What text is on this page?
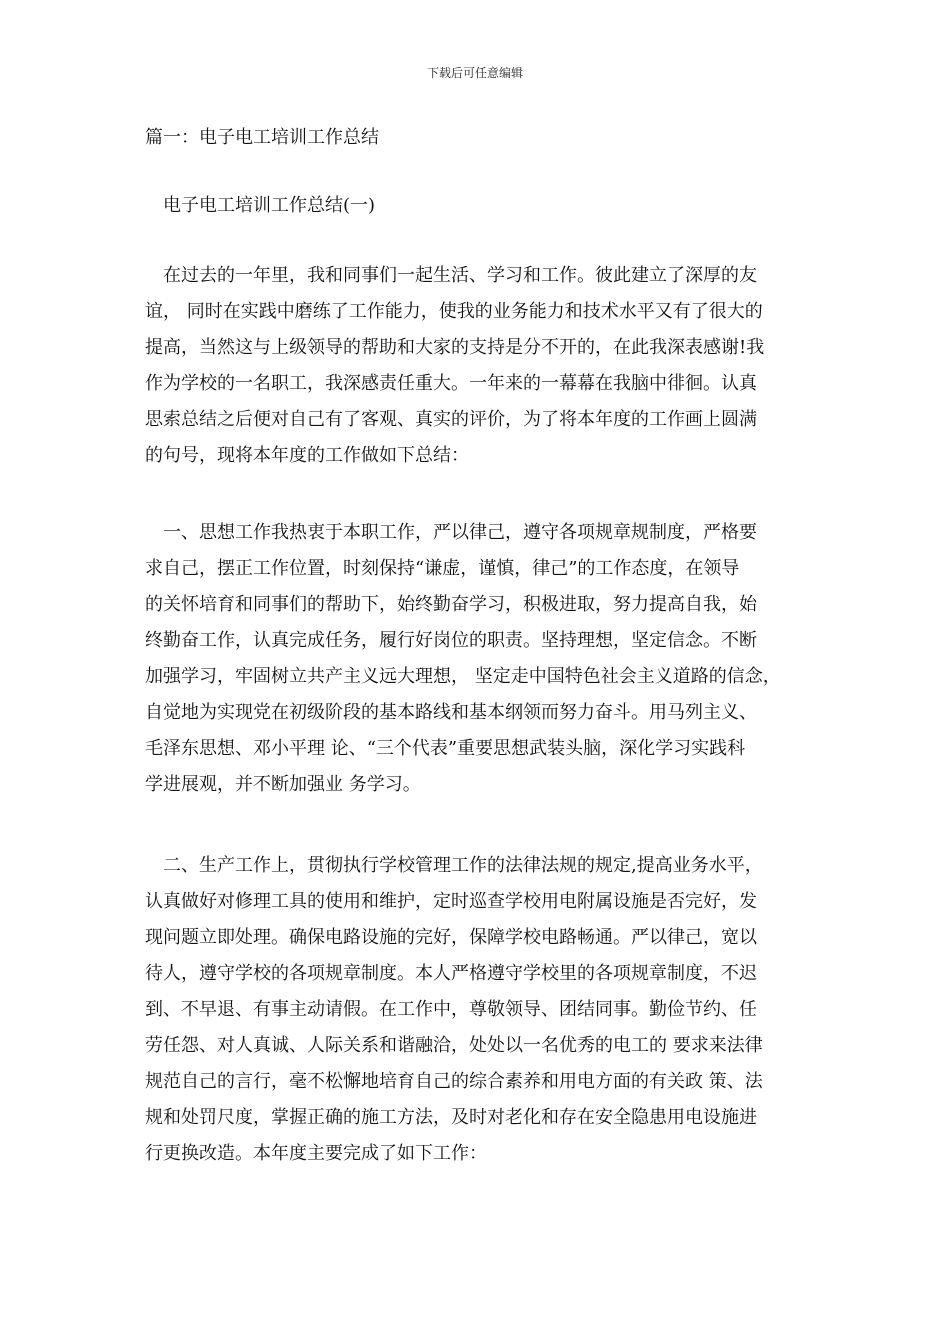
下载后可任意编辑
篇一：电子电工培训工作总结
电子电工培训工作总结(一)
在过去的一年里，我和同事们一起生活、学习和工作。彼此建立了深厚的友
谊， 同时在实践中磨练了工作能力，使我的业务能力和技术水平又有了很大的
提高，当然这与上级领导的帮助和大家的支持是分不开的，在此我深表感谢!我
作为学校的一名职工，我深感责任重大。一年来的一幕幕在我脑中徘徊。认真
思索总结之后便对自己有了客观、真实的评价，为了将本年度的工作画上圆满
的句号，现将本年度的工作做如下总结：
一、思想工作我热衷于本职工作，严以律己，遵守各项规章规制度，严格要
求自己，摆正工作位置，时刻保持“谦虚，谨慎，律己”的工作态度，在领导
的关怀培育和同事们的帮助下，始终勤奋学习，积极进取，努力提高自我，始
终勤奋工作，认真完成任务，履行好岗位的职责。坚持理想，坚定信念。不断
加强学习，牢固树立共产主义远大理想， 坚定走中国特色社会主义道路的信念，
自觉地为实现党在初级阶段的基本路线和基本纲领而努力奋斗。用马列主义、
毛泽东思想、邓小平理 论、“三个代表”重要思想武装头脑，深化学习实践科
学进展观，并不断加强业 务学习。
二、生产工作上，贯彻执行学校管理工作的法律法规的规定,提高业务水平，
认真做好对修理工具的使用和维护，定时巡查学校用电附属设施是否完好，发
现问题立即处理。确保电路设施的完好，保障学校电路畅通。严以律己，宽以
待人，遵守学校的各项规章制度。本人严格遵守学校里的各项规章制度，不迟
到、不早退、有事主动请假。在工作中，尊敬领导、团结同事。勤俭节约、任
劳任怨、对人真诚、人际关系和谐融洽，处处以一名优秀的电工的 要求来法律
规范自己的言行，毫不松懈地培育自己的综合素养和用电方面的有关政 策、法
规和处罚尺度，掌握正确的施工方法，及时对老化和存在安全隐患用电设施进
行更换改造。本年度主要完成了如下工作：
